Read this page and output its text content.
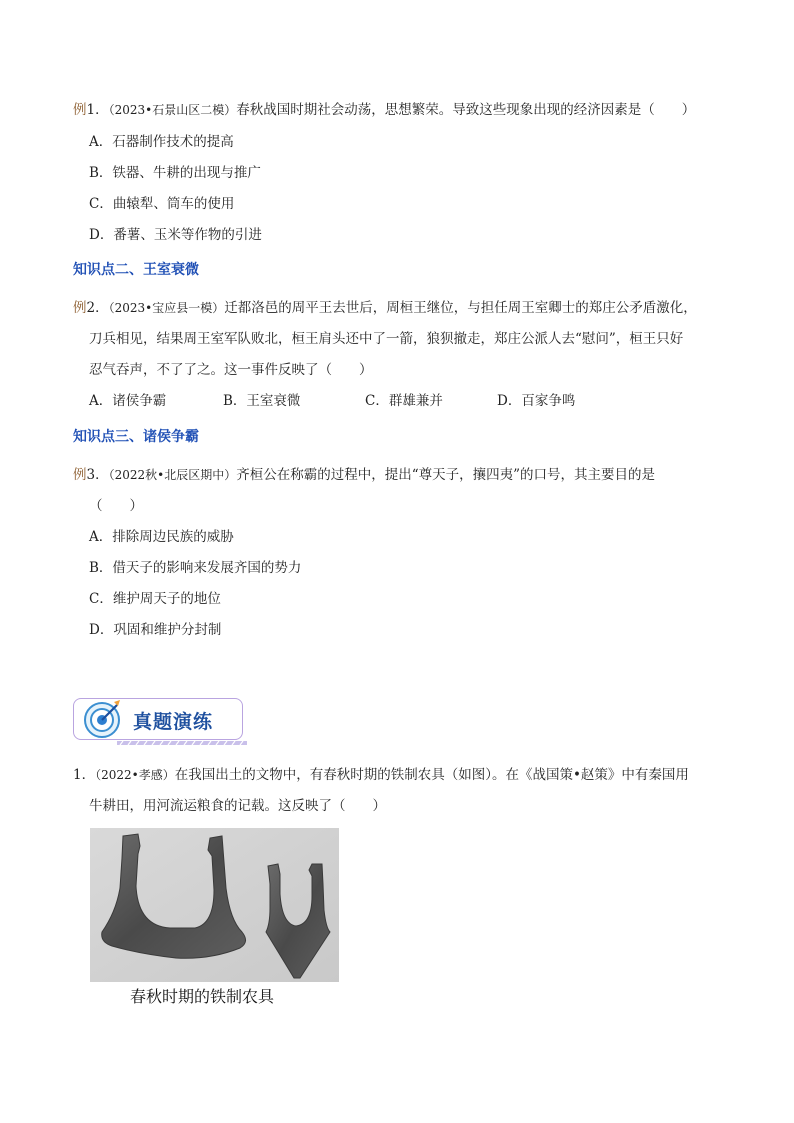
例1．（2023•石景山区二模）春秋战国时期社会动荡，思想繁荣。导致这些现象出现的经济因素是（　　）
A．石器制作技术的提高
B．铁器、牛耕的出现与推广
C．曲辕犁、筒车的使用
D．番薯、玉米等作物的引进
知识点二、王室衰微
例2．（2023•宝应县一模）迁都洛邑的周平王去世后，周桓王继位，与担任周王室卿士的郑庄公矛盾激化，
刀兵相见，结果周王室军队败北，桓王肩头还中了一箭，狼狈撤走，郑庄公派人去“慰问”，桓王只好
忍气吞声，不了了之。这一事件反映了（　　）
A．诸侯争霸	B．王室衰微	C．群雄兼并	D．百家争鸣
知识点三、诸侯争霸
例3．（2022秋•北辰区期中）齐桓公在称霸的过程中，提出“尊天子，攘四夷”的口号，其主要目的是
（　　）
A．排除周边民族的威胁
B．借天子的影响来发展齐国的势力
C．维护周天子的地位
D．巩固和维护分封制
真题演练
1．（2022•孝感）在我国出土的文物中，有春秋时期的铁制农具（如图）。在《战国策•赵策》中有秦国用
牛耕田，用河流运粮食的记载。这反映了（　　）
春秋时期的铁制农具
